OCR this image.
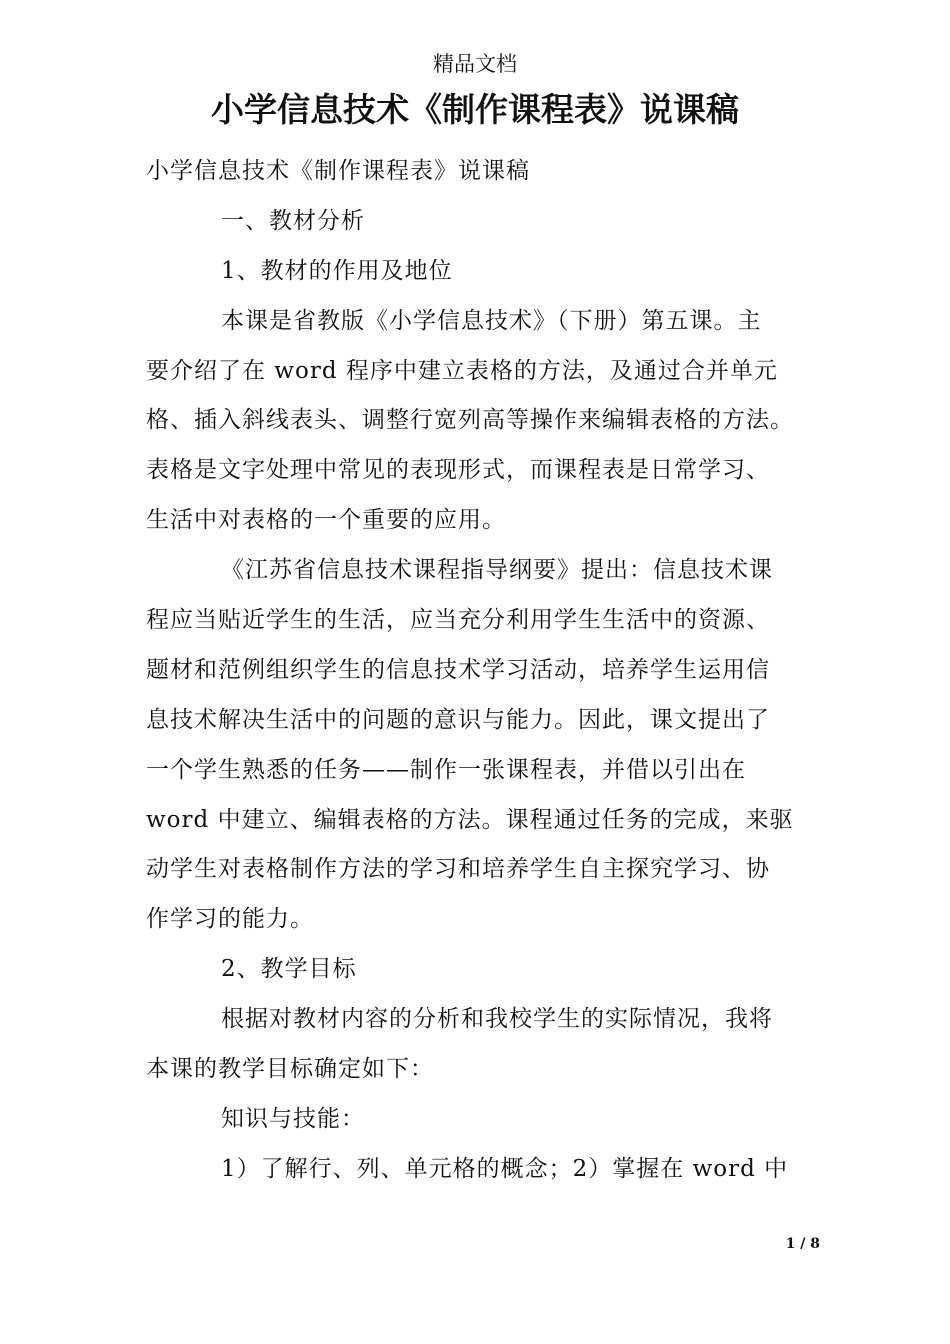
精品文档
小学信息技术《制作课程表》说课稿
小学信息技术《制作课程表》说课稿
一、教材分析
1、教材的作用及地位
本课是省教版《小学信息技术》（下册）第五课。主
要介绍了在 word 程序中建立表格的方法，及通过合并单元
格、插入斜线表头、调整行宽列高等操作来编辑表格的方法。
表格是文字处理中常见的表现形式，而课程表是日常学习、
生活中对表格的一个重要的应用。
《江苏省信息技术课程指导纲要》提出：信息技术课
程应当贴近学生的生活，应当充分利用学生生活中的资源、
题材和范例组织学生的信息技术学习活动，培养学生运用信
息技术解决生活中的问题的意识与能力。因此，课文提出了
一个学生熟悉的任务——制作一张课程表，并借以引出在
word 中建立、编辑表格的方法。课程通过任务的完成，来驱
动学生对表格制作方法的学习和培养学生自主探究学习、协
作学习的能力。
2、教学目标
根据对教材内容的分析和我校学生的实际情况，我将
本课的教学目标确定如下：
知识与技能：
1）了解行、列、单元格的概念；2）掌握在 word 中
1 / 8
